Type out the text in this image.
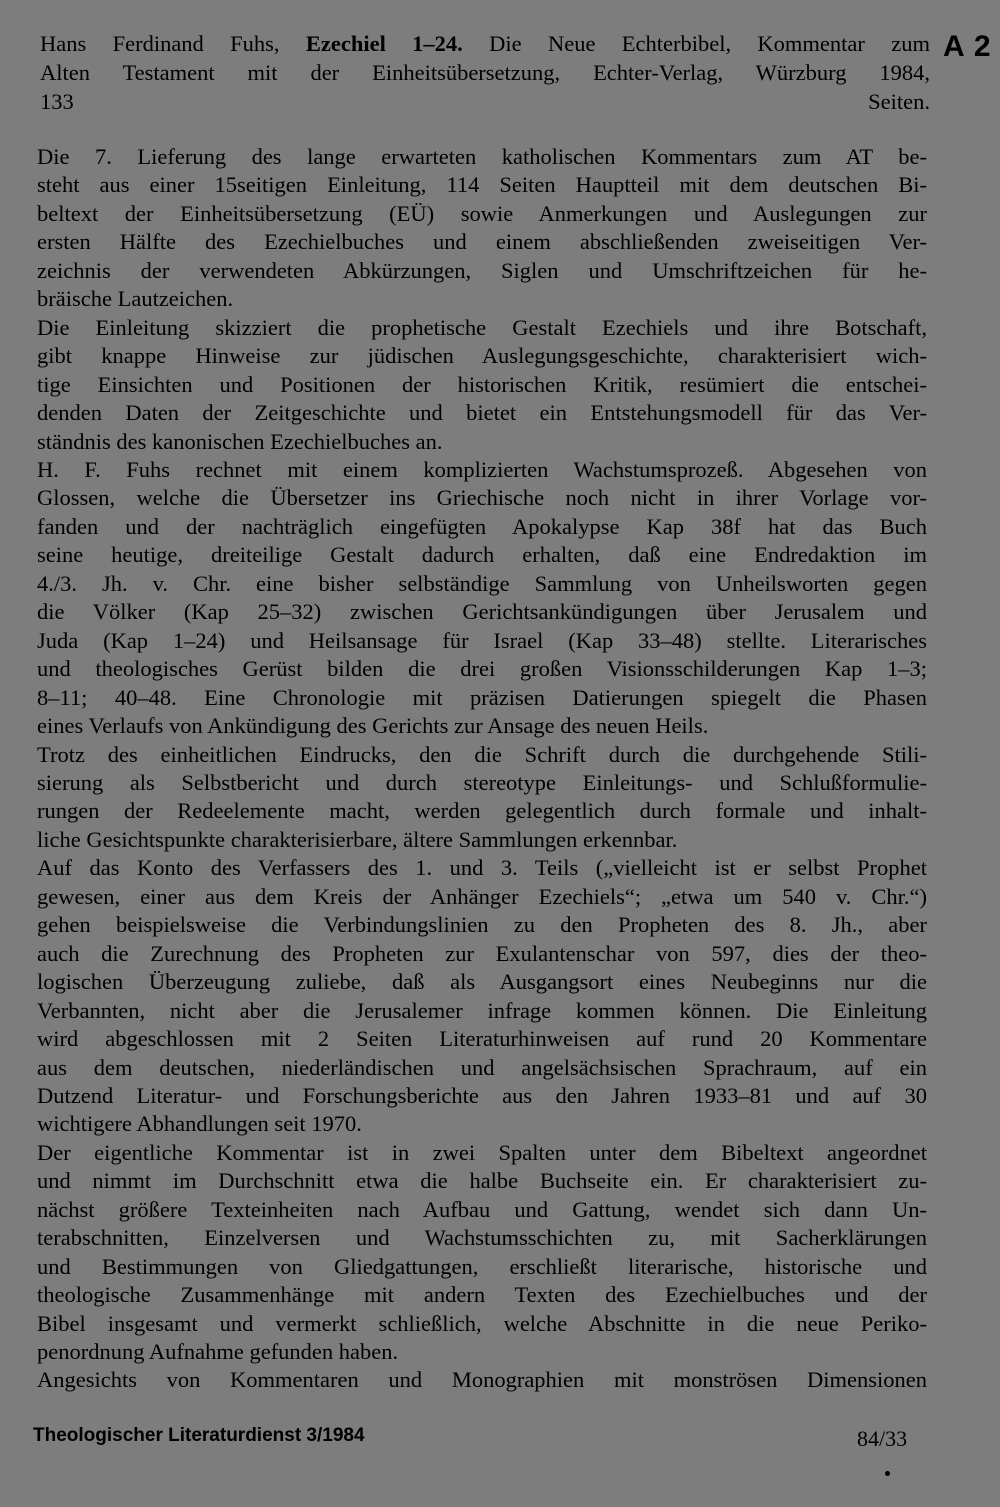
A 2
Hans Ferdinand Fuhs, Ezechiel 1–24. Die Neue Echterbibel, Kommentar zum
Alten Testament mit der Einheitsübersetzung, Echter-Verlag, Würzburg 1984,
133 Seiten.
Die 7. Lieferung des lange erwarteten katholischen Kommentars zum AT be-
steht aus einer 15seitigen Einleitung, 114 Seiten Hauptteil mit dem deutschen Bi-
beltext der Einheitsübersetzung (EÜ) sowie Anmerkungen und Auslegungen zur
ersten Hälfte des Ezechielbuches und einem abschließenden zweiseitigen Ver-
zeichnis der verwendeten Abkürzungen, Siglen und Umschriftzeichen für he-
bräische Lautzeichen.
Die Einleitung skizziert die prophetische Gestalt Ezechiels und ihre Botschaft,
gibt knappe Hinweise zur jüdischen Auslegungsgeschichte, charakterisiert wich-
tige Einsichten und Positionen der historischen Kritik, resümiert die entschei-
denden Daten der Zeitgeschichte und bietet ein Entstehungsmodell für das Ver-
ständnis des kanonischen Ezechielbuches an.
H. F. Fuhs rechnet mit einem komplizierten Wachstumsprozeß. Abgesehen von
Glossen, welche die Übersetzer ins Griechische noch nicht in ihrer Vorlage vor-
fanden und der nachträglich eingefügten Apokalypse Kap 38f hat das Buch
seine heutige, dreiteilige Gestalt dadurch erhalten, daß eine Endredaktion im
4./3. Jh. v. Chr. eine bisher selbständige Sammlung von Unheilsworten gegen
die Völker (Kap 25–32) zwischen Gerichtsankündigungen über Jerusalem und
Juda (Kap 1–24) und Heilsansage für Israel (Kap 33–48) stellte. Literarisches
und theologisches Gerüst bilden die drei großen Visionsschilderungen Kap 1–3;
8–11; 40–48. Eine Chronologie mit präzisen Datierungen spiegelt die Phasen
eines Verlaufs von Ankündigung des Gerichts zur Ansage des neuen Heils.
Trotz des einheitlichen Eindrucks, den die Schrift durch die durchgehende Stili-
sierung als Selbstbericht und durch stereotype Einleitungs- und Schlußformulie-
rungen der Redeelemente macht, werden gelegentlich durch formale und inhalt-
liche Gesichtspunkte charakterisierbare, ältere Sammlungen erkennbar.
Auf das Konto des Verfassers des 1. und 3. Teils („vielleicht ist er selbst Prophet
gewesen, einer aus dem Kreis der Anhänger Ezechiels“; „etwa um 540 v. Chr.“)
gehen beispielsweise die Verbindungslinien zu den Propheten des 8. Jh., aber
auch die Zurechnung des Propheten zur Exulantenschar von 597, dies der theo-
logischen Überzeugung zuliebe, daß als Ausgangsort eines Neubeginns nur die
Verbannten, nicht aber die Jerusalemer infrage kommen können. Die Einleitung
wird abgeschlossen mit 2 Seiten Literaturhinweisen auf rund 20 Kommentare
aus dem deutschen, niederländischen und angelsächsischen Sprachraum, auf ein
Dutzend Literatur- und Forschungsberichte aus den Jahren 1933–81 und auf 30
wichtigere Abhandlungen seit 1970.
Der eigentliche Kommentar ist in zwei Spalten unter dem Bibeltext angeordnet
und nimmt im Durchschnitt etwa die halbe Buchseite ein. Er charakterisiert zu-
nächst größere Texteinheiten nach Aufbau und Gattung, wendet sich dann Un-
terabschnitten, Einzelversen und Wachstumsschichten zu, mit Sacherklärungen
und Bestimmungen von Gliedgattungen, erschließt literarische, historische und
theologische Zusammenhänge mit andern Texten des Ezechielbuches und der
Bibel insgesamt und vermerkt schließlich, welche Abschnitte in die neue Periko-
penordnung Aufnahme gefunden haben.
Angesichts von Kommentaren und Monographien mit monströsen Dimensionen
Theologischer Literaturdienst 3/1984	84/33
